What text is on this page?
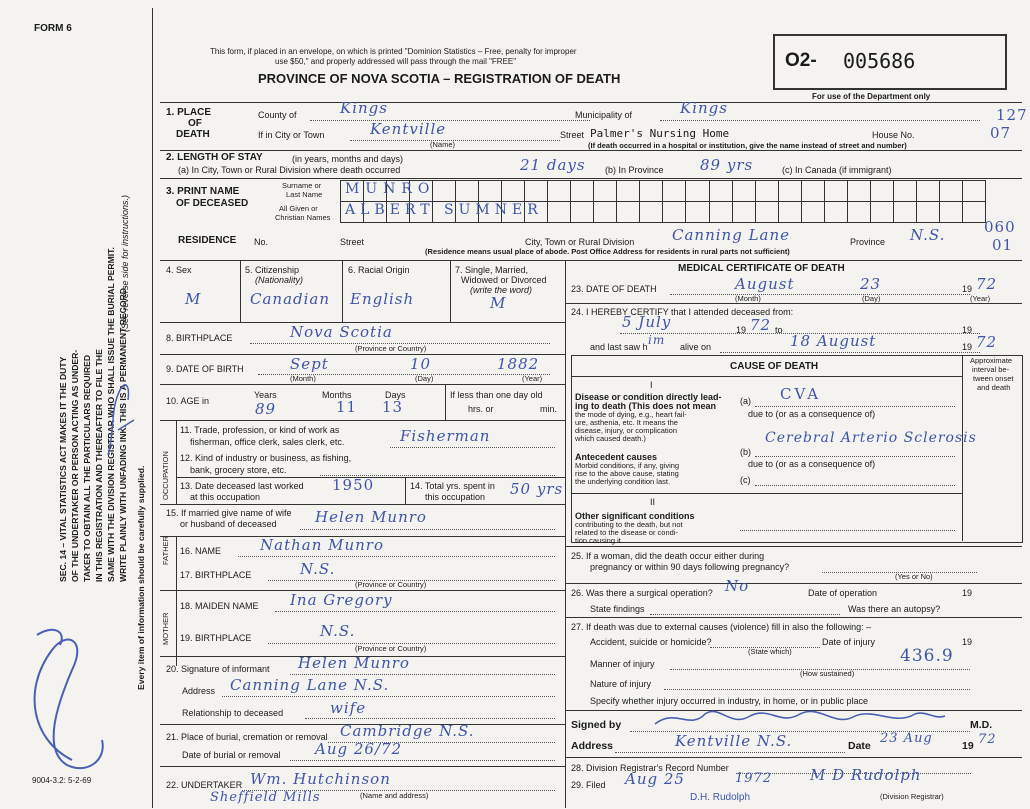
FORM 6
9004-3.2: 5-2-69
SEC. 14 – VITAL STATISTICS ACT MAKES IT THE DUTY OF THE UNDERTAKER OR PERSON ACTING AS UNDER- TAKER TO OBTAIN ALL THE PARTICULARS REQUIRED IN THIS REGISTRATION AND THEREAFTER TO FILE THE SAME WITH THE DIVISION REGISTRAR WHO SHALL ISSUE THE BURIAL PERMIT. WRITE PLAINLY WITH UNFADING INK. THIS IS A PERMANENT RECORD.
(See reverse side for instructions.)
Every item of information should be carefully supplied.
This form, if placed in an envelope, on which is printed "Dominion Statistics – Free, penalty for improper
use $50," and properly addressed will pass through the mail "FREE"
PROVINCE OF NOVA SCOTIA – REGISTRATION OF DEATH
O2- 005686
For use of the Department only
1. PLACE
OF
DEATH
County of	Kings	Municipality of	Kings	127
If in City or Town	Kentville
(Name)
Street Palmer's Nursing Home	House No.	07
(If death occurred in a hospital or institution, give the name instead of street and number)
2. LENGTH OF STAY	(in years, months and days)
(a) In City, Town or Rural Division where death occurred	21 days (b) In Province 89 yrs	(c) In Canada (if immigrant)
3. PRINT NAME
OF DECEASED
Surname or
Last Name
All Given or
Christian Names
MUNRO
ALBERT SUMNER
RESIDENCE No.	Street	City, Town or Rural Division	Canning Lane	Province N.S.	060
01
(Residence means usual place of abode. Post Office Address for residents in rural parts not sufficient)
4. Sex
M
5. Citizenship
(Nationality)
Canadian
6. Racial Origin
English
7. Single, Married,
Widowed or Divorced
(write the word)
M
8. BIRTHPLACE	Nova Scotia
(Province or Country)
9. DATE OF BIRTH	Sept	10	1882
(Month)	(Day)	(Year)
10. AGE in
Years	Months	Days
89	11 13
If less than one day old
hrs. or	min.
OCCUPATION
11. Trade, profession, or kind of work as
fisherman, office clerk, sales clerk, etc.	Fisherman
12. Kind of industry or business, as fishing,
bank, grocery store, etc.
13. Date deceased last worked
at this occupation
1950	14. Total yrs. spent in
this occupation 50 yrs
15. If married give name of wife
or husband of deceased	Helen Munro
FATHER 16. NAME	Nathan Munro
17. BIRTHPLACE	N.S.
(Province or Country)
MOTHER
18. MAIDEN NAME Ina Gregory
19. BIRTHPLACE	N.S.
(Province or Country)
20. Signature of informant Helen Munro
Address Canning Lane N.S.
Relationship to deceased	wife
21. Place of burial, cremation or removal Cambridge N.S.
Date of burial or removal Aug 26/72
22. UNDERTAKER Wm. Hutchinson
Sheffield Mills	(Name and address)
MEDICAL CERTIFICATE OF DEATH
23. DATE OF DEATH	August	23	19 72
(Month)	(Day)	(Year)
24. I HEREBY CERTIFY that I attended deceased from:
5 July	19 72 to	19
and last saw h im alive on	18 August	19 72
CAUSE OF DEATH
Approximate
interval be-
tween onset
and death
I
Disease or condition directly lead-
ing to death (This does not mean
the mode of dying, e.g., heart fail-
ure, asthenia, etc. It means the
disease, injury, or complication
which caused death.)
(a) CVA
due to (or as a consequence of)
Antecedent causes
Morbid conditions, if any, giving
rise to the above cause, stating
the underlying condition last.
(b)
Cerebral Arterio Sclerosis
due to (or as a consequence of)
(c)
II
Other significant conditions
contributing to the death, but not
related to the disease or condi-
tion causing it.
25. If a woman, did the death occur either during
pregnancy or within 90 days following pregnancy?
(Yes or No)
26. Was there a surgical operation? No	Date of operation	19
State findings	Was there an autopsy?
27. If death was due to external causes (violence) fill in also the following: –
Accident, suicide or homicide?
(State which)
Date of injury	19
436.9
Manner of injury
(How sustained)
Nature of injury
Specify whether injury occurred in industry, in home, or in public place
Signed by	M.D.
Address	Kentville N.S.	Date 23 Aug	19 72
28. Division Registrar's Record Number
29. Filed Aug 25	1972	M D Rudolph
D.H. Rudolph	(Division Registrar)
